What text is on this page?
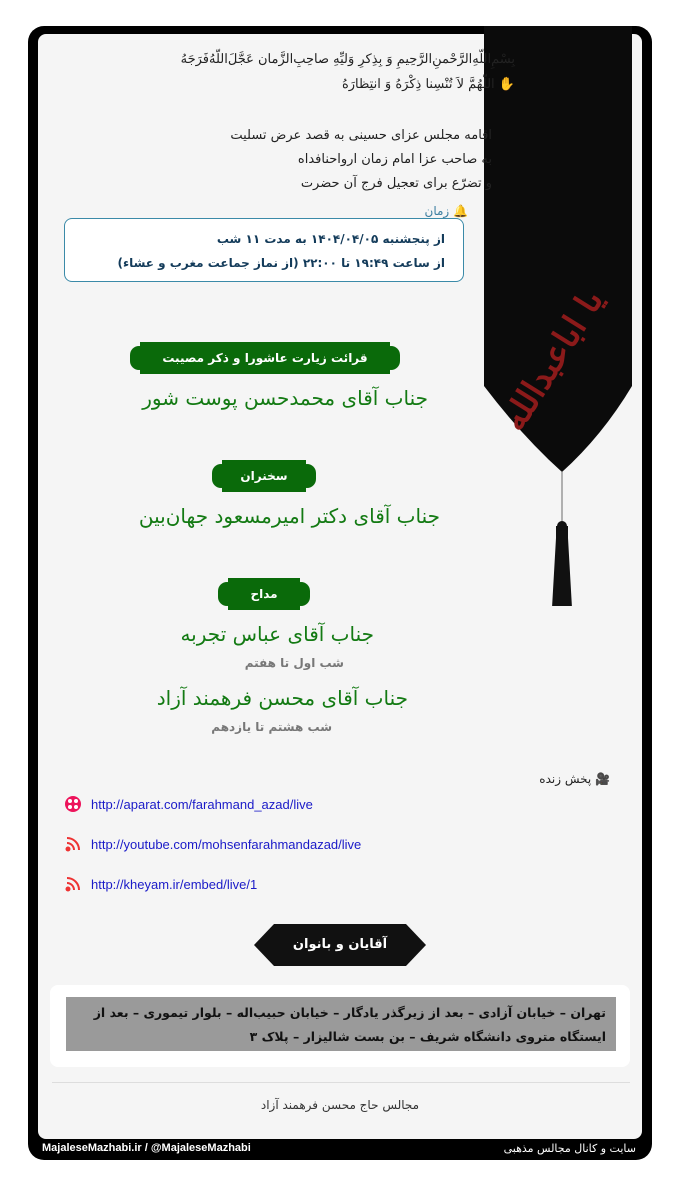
یا اباعبدالله
بِسْمِ‌اللّهِ‌الرَّحْمنِ‌الرَّحِيمِ وَ بِذِکرِ وَلیِّهِ صاحِبِ‌الزَّمان عَجَّلَ‌اللّهُ‌فَرَجَهُ
✋ اللّهُمَّ لاَ تُنْسِنا ذِکْرَهُ وَ انتِظارَهُ
اقامه مجلس عزای حسینی به قصد عرض تسلیت
به صاحب عزا امام زمان ارواحنافداه
و تضرّع برای تعجیل فرج آن حضرت
🔔 زمان
از پنجشنبه ۱۴۰۴/۰۴/۰۵ به مدت ۱۱ شب
از ساعت ۱۹:۴۹ تا ۲۲:۰۰ (از نماز جماعت مغرب و عشاء)
قرائت زیارت عاشورا و ذکر مصیبت
جناب آقای محمدحسن پوست شور
سخنران
جناب آقای دکتر امیرمسعود جهان‌بین
مداح
جناب آقای عباس تجربه
شب اول تا هفتم
جناب آقای محسن فرهمند آزاد
شب هشتم تا یازدهم
🎥 پخش زنده
http://aparat.com/farahmand_azad/live
http://youtube.com/mohsenfarahmandazad/live
http://kheyam.ir/embed/live/1
آقایان و بانوان
تهران – خیابان آزادی – بعد از زیرگذر یادگار – خیابان حبیب‌اله – بلوار تیموری – بعد از ایستگاه متروی دانشگاه شریف – بن بست شالیزار – پلاک ۳
مجالس حاج محسن فرهمند آزاد
MajaleseMazhabi.ir / @MajaleseMazhabi	سایت و کانال مجالس مذهبی
